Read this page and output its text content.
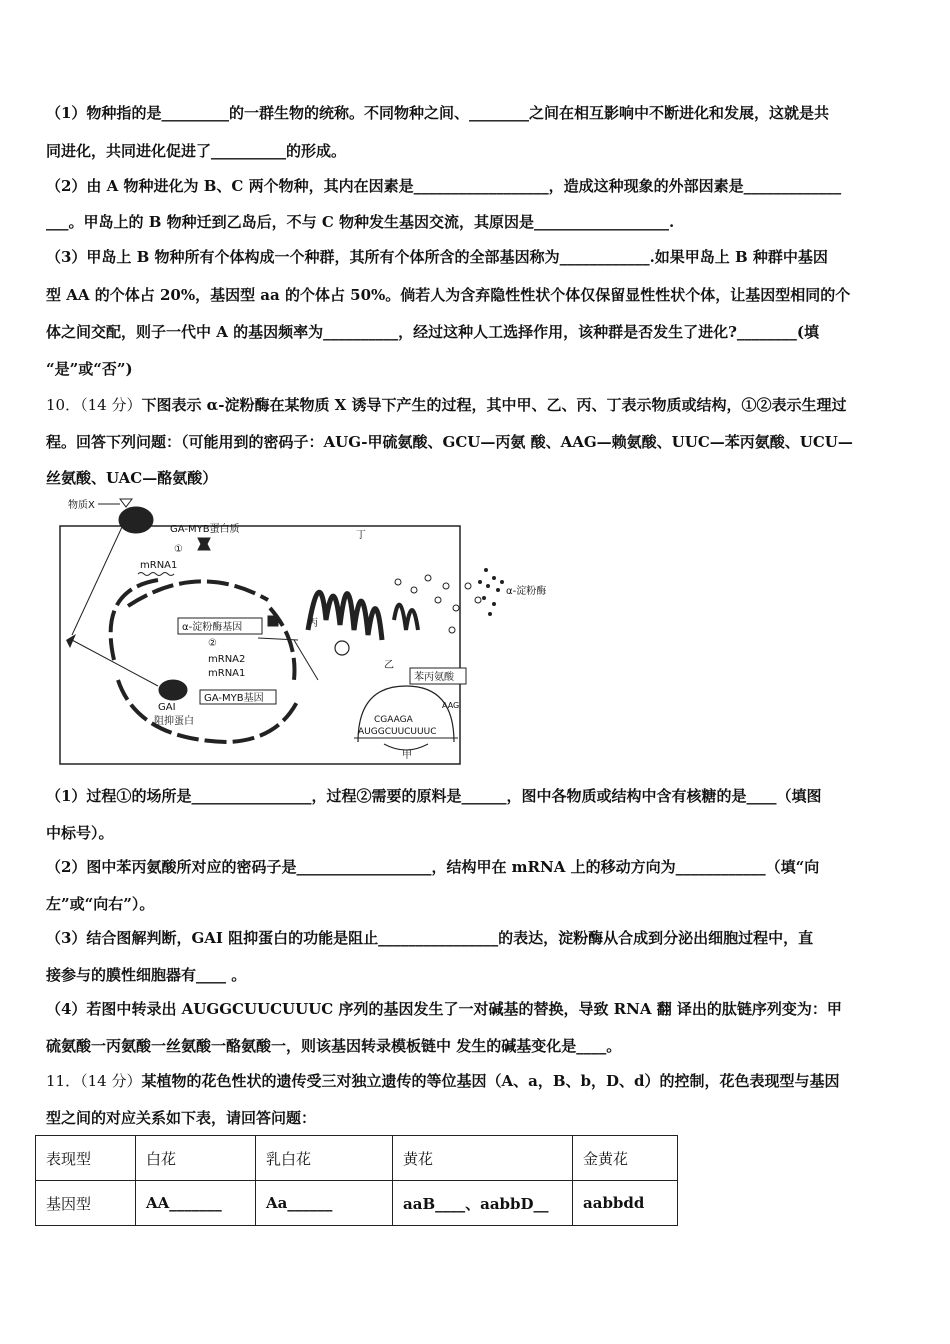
（1）物种指的是_________的一群生物的统称。不同物种之间、________之间在相互影响中不断进化和发展，这就是共
同进化，共同进化促进了__________的形成。
（2）由 A 物种进化为 B、C 两个物种，其内在因素是__________________，造成这种现象的外部因素是_____________
___。甲岛上的 B 物种迁到乙岛后，不与 C 物种发生基因交流，其原因是__________________.
（3）甲岛上 B 物种所有个体构成一个种群，其所有个体所含的全部基因称为____________.如果甲岛上 B 种群中基因
型 AA 的个体占 20%，基因型 aa 的个体占 50%。倘若人为含弃隐性性状个体仅保留显性性状个体，让基因型相同的个
体之间交配，则子一代中 A 的基因频率为__________，经过这种人工选择作用，该种群是否发生了进化?________(填
“是”或“否”)
10．（14 分）下图表示 α-淀粉酶在某物质 X 诱导下产生的过程，其中甲、乙、丙、丁表示物质或结构，①②表示生理过
程。回答下列问题：（可能用到的密码子：AUG-甲硫氨酸、GCU—丙氨 酸、AAG—赖氨酸、UUC—苯丙氨酸、UCU—
丝氨酸、UAC—酪氨酸）
物质X
GA-MYB蛋白质
①
mRNA1
α-淀粉酶基因
②
mRNA2
mRNA1
GAI
阻抑蛋白
GA-MYB基因
丙
乙
丁
α-淀粉酶
苯丙氨酸
AAG
CGAAGA
AUGGCUUCUUUC
甲
（1）过程①的场所是________________，过程②需要的原料是______，图中各物质或结构中含有核糖的是____（填图
中标号）。
（2）图中苯丙氨酸所对应的密码子是__________________，结构甲在 mRNA 上的移动方向为____________（填“向
左”或“向右”）。
（3）结合图解判断，GAI 阻抑蛋白的功能是阻止________________的表达，淀粉酶从合成到分泌出细胞过程中，直
接参与的膜性细胞器有____ 。
（4）若图中转录出 AUGGCUUCUUUC 序列的基因发生了一对碱基的替换，导致 RNA 翻 译出的肽链序列变为：甲
硫氨酸一丙氨酸一丝氨酸一酪氨酸一，则该基因转录模板链中 发生的碱基变化是____。
11．（14 分）某植物的花色性状的遗传受三对独立遗传的等位基因（A、a，B、b，D、d）的控制，花色表现型与基因
型之间的对应关系如下表，请回答问题：
表现型	白花	乳白花	黄花	金黄花
基因型	AA_______	Aa______	aaB____、aabbD__	aabbdd
